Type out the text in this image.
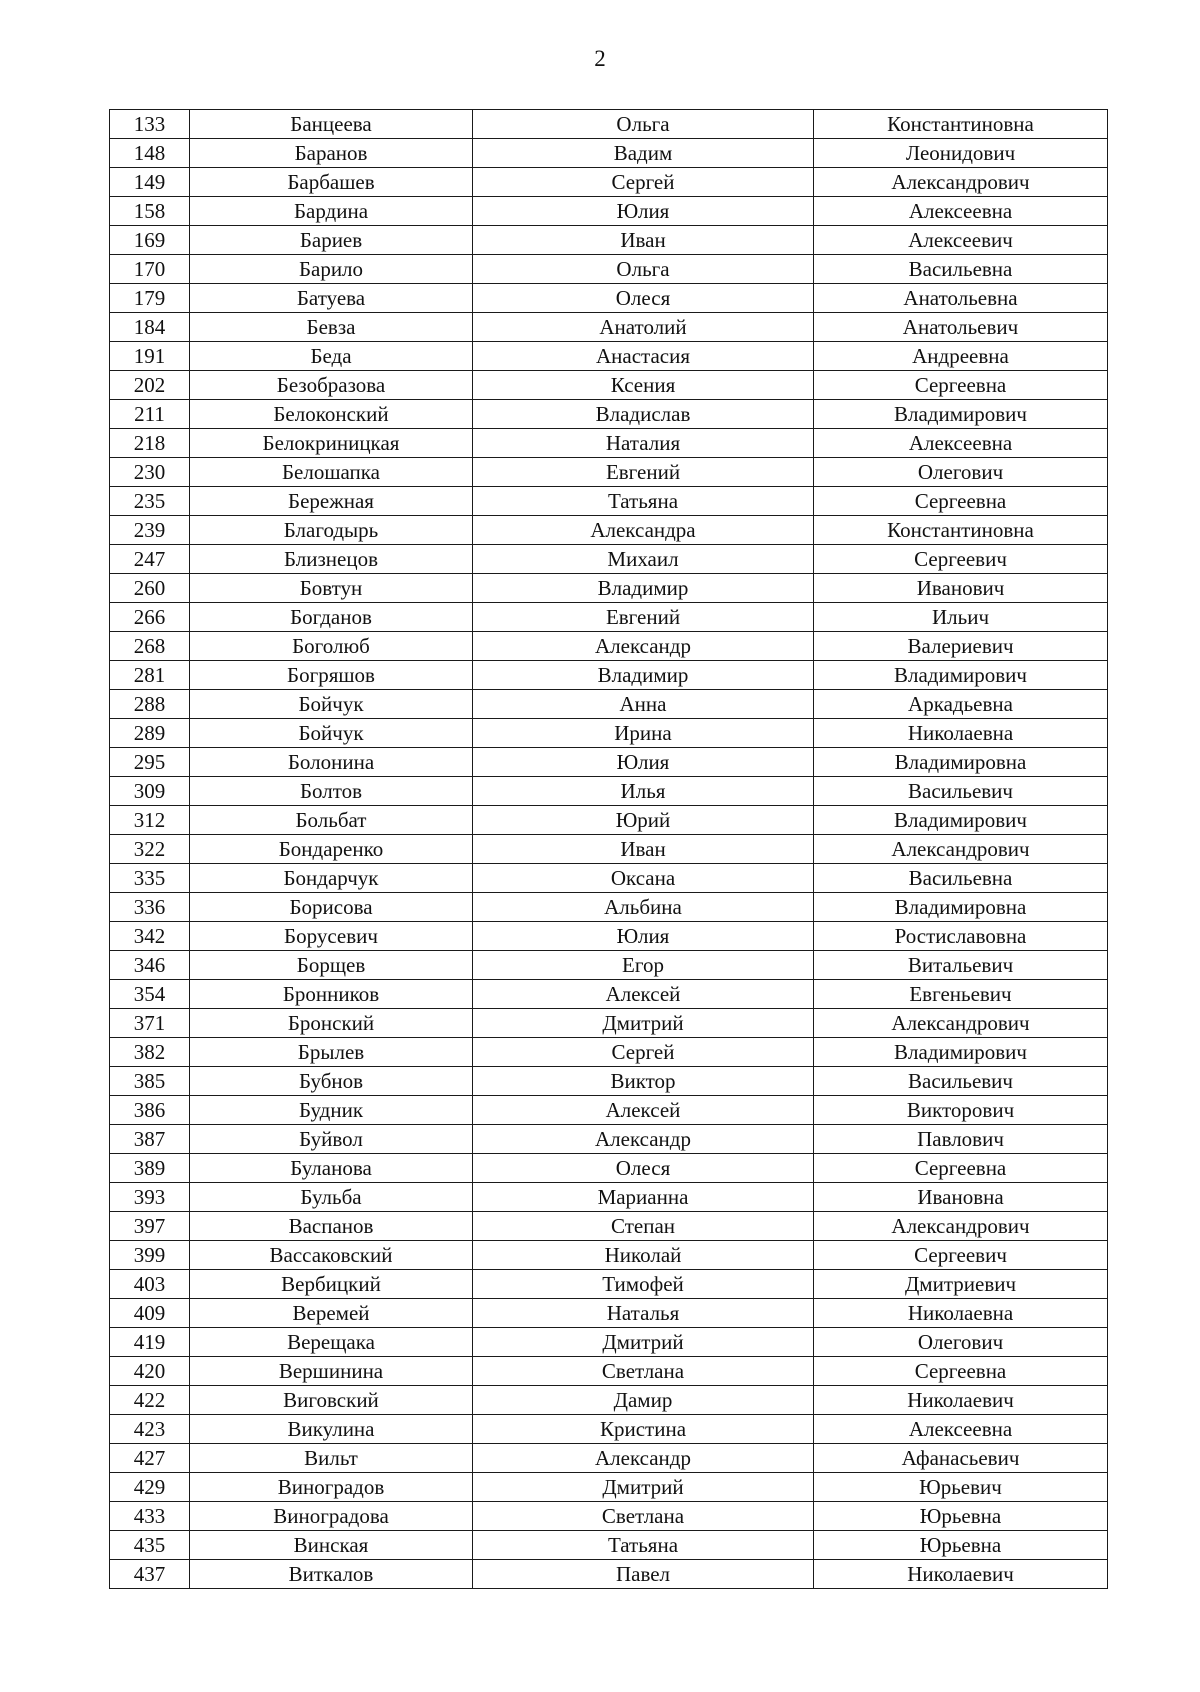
2
133	Банцеева	Ольга	Константиновна
148	Баранов	Вадим	Леонидович
149	Барбашев	Сергей	Александрович
158	Бардина	Юлия	Алексеевна
169	Бариев	Иван	Алексеевич
170	Барило	Ольга	Васильевна
179	Батуева	Олеся	Анатольевна
184	Бевза	Анатолий	Анатольевич
191	Беда	Анастасия	Андреевна
202	Безобразова	Ксения	Сергеевна
211	Белоконский	Владислав	Владимирович
218	Белокриницкая	Наталия	Алексеевна
230	Белошапка	Евгений	Олегович
235	Бережная	Татьяна	Сергеевна
239	Благодырь	Александра	Константиновна
247	Близнецов	Михаил	Сергеевич
260	Бовтун	Владимир	Иванович
266	Богданов	Евгений	Ильич
268	Боголюб	Александр	Валериевич
281	Богряшов	Владимир	Владимирович
288	Бойчук	Анна	Аркадьевна
289	Бойчук	Ирина	Николаевна
295	Болонина	Юлия	Владимировна
309	Болтов	Илья	Васильевич
312	Больбат	Юрий	Владимирович
322	Бондаренко	Иван	Александрович
335	Бондарчук	Оксана	Васильевна
336	Борисова	Альбина	Владимировна
342	Борусевич	Юлия	Ростиславовна
346	Борщев	Егор	Витальевич
354	Бронников	Алексей	Евгеньевич
371	Бронский	Дмитрий	Александрович
382	Брылев	Сергей	Владимирович
385	Бубнов	Виктор	Васильевич
386	Будник	Алексей	Викторович
387	Буйвол	Александр	Павлович
389	Буланова	Олеся	Сергеевна
393	Бульба	Марианна	Ивановна
397	Васпанов	Степан	Александрович
399	Вассаковский	Николай	Сергеевич
403	Вербицкий	Тимофей	Дмитриевич
409	Веремей	Наталья	Николаевна
419	Верещака	Дмитрий	Олегович
420	Вершинина	Светлана	Сергеевна
422	Виговский	Дамир	Николаевич
423	Викулина	Кристина	Алексеевна
427	Вильт	Александр	Афанасьевич
429	Виноградов	Дмитрий	Юрьевич
433	Виноградова	Светлана	Юрьевна
435	Винская	Татьяна	Юрьевна
437	Виткалов	Павел	Николаевич
